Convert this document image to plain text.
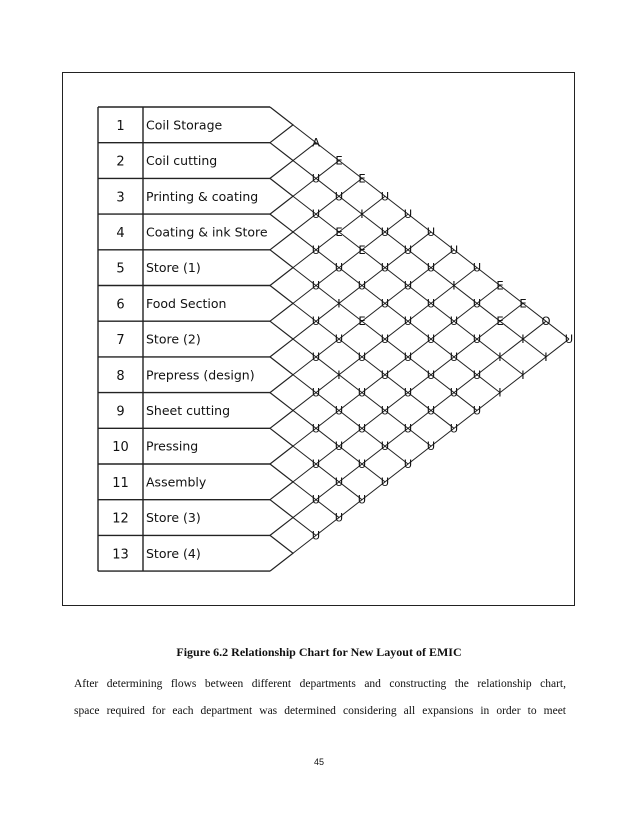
1 Coil Storage
2 Coil cutting
3 Printing & coating
4 Coating & ink Store
5 Store (1)
6 Food Section
7 Store (2)
8 Prepress (design)
9 Sheet cutting
10 Pressing
11 Assembly
12 Store (3)
13 Store (4)
A
E
E
U
U
U
U
U
E
E
O
U
U
U
I
U
U
U
I
U
E
I
I
U
E
E
U
U
U
U
U
I
I
U
U
U
U
U
U
U
U
I
U
I
E
U
U
U
U
U
U
U
U
U
U
U
U
U
I
U
U
U
U
U
U
U
U
U
U
U
U
U
U
U
U
U
U
U
Figure 6.2 Relationship Chart for New Layout of EMIC
After determining flows between different departments and constructing the relationship chart,
space required for each department was determined considering all expansions in order to meet
45
